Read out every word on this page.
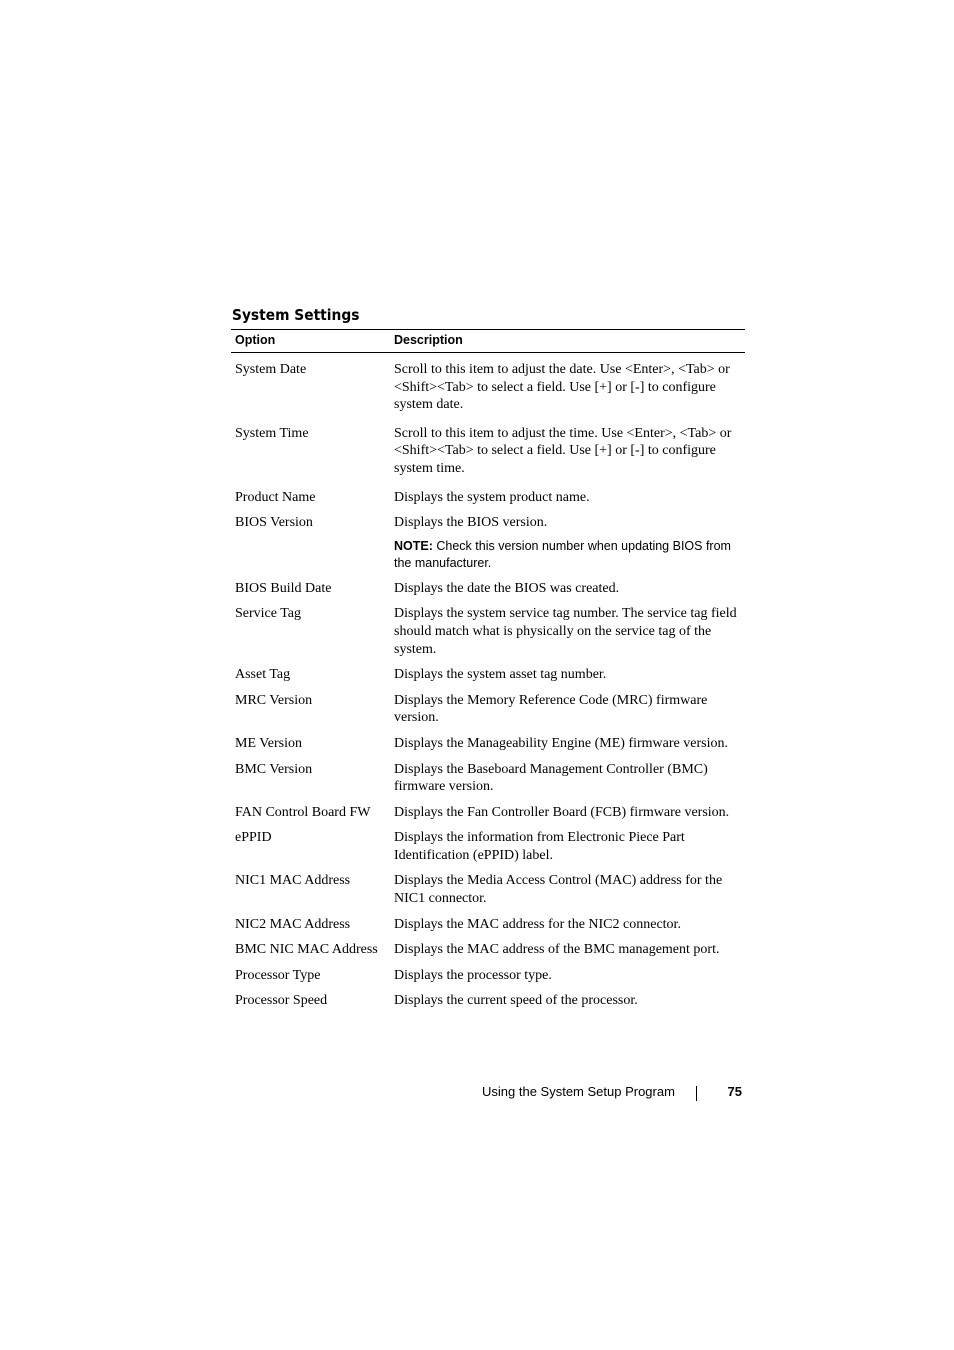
System Settings
Option	Description
System Date	Scroll to this item to adjust the date. Use <Enter>, <Tab> or <Shift><Tab> to select a field. Use [+] or [-] to configure system date.
System Time	Scroll to this item to adjust the time. Use <Enter>, <Tab> or <Shift><Tab> to select a field. Use [+] or [-] to configure system time.
Product Name	Displays the system product name.
BIOS Version	Displays the BIOS version.
NOTE: Check this version number when updating BIOS from the manufacturer.

BIOS Build Date	Displays the date the BIOS was created.
Service Tag	Displays the system service tag number. The service tag field should match what is physically on the service tag of the system.
Asset Tag	Displays the system asset tag number.
MRC Version	Displays the Memory Reference Code (MRC) firmware version.
ME Version	Displays the Manageability Engine (ME) firmware version.
BMC Version	Displays the Baseboard Management Controller (BMC) firmware version.
FAN Control Board FW	Displays the Fan Controller Board (FCB) firmware version.
ePPID	Displays the information from Electronic Piece Part Identification (ePPID) label.
NIC1 MAC Address	Displays the Media Access Control (MAC) address for the NIC1 connector.
NIC2 MAC Address	Displays the MAC address for the NIC2 connector.
BMC NIC MAC Address	Displays the MAC address of the BMC management port.
Processor Type	Displays the processor type.
Processor Speed	Displays the current speed of the processor.
Using the System Setup Program	75
